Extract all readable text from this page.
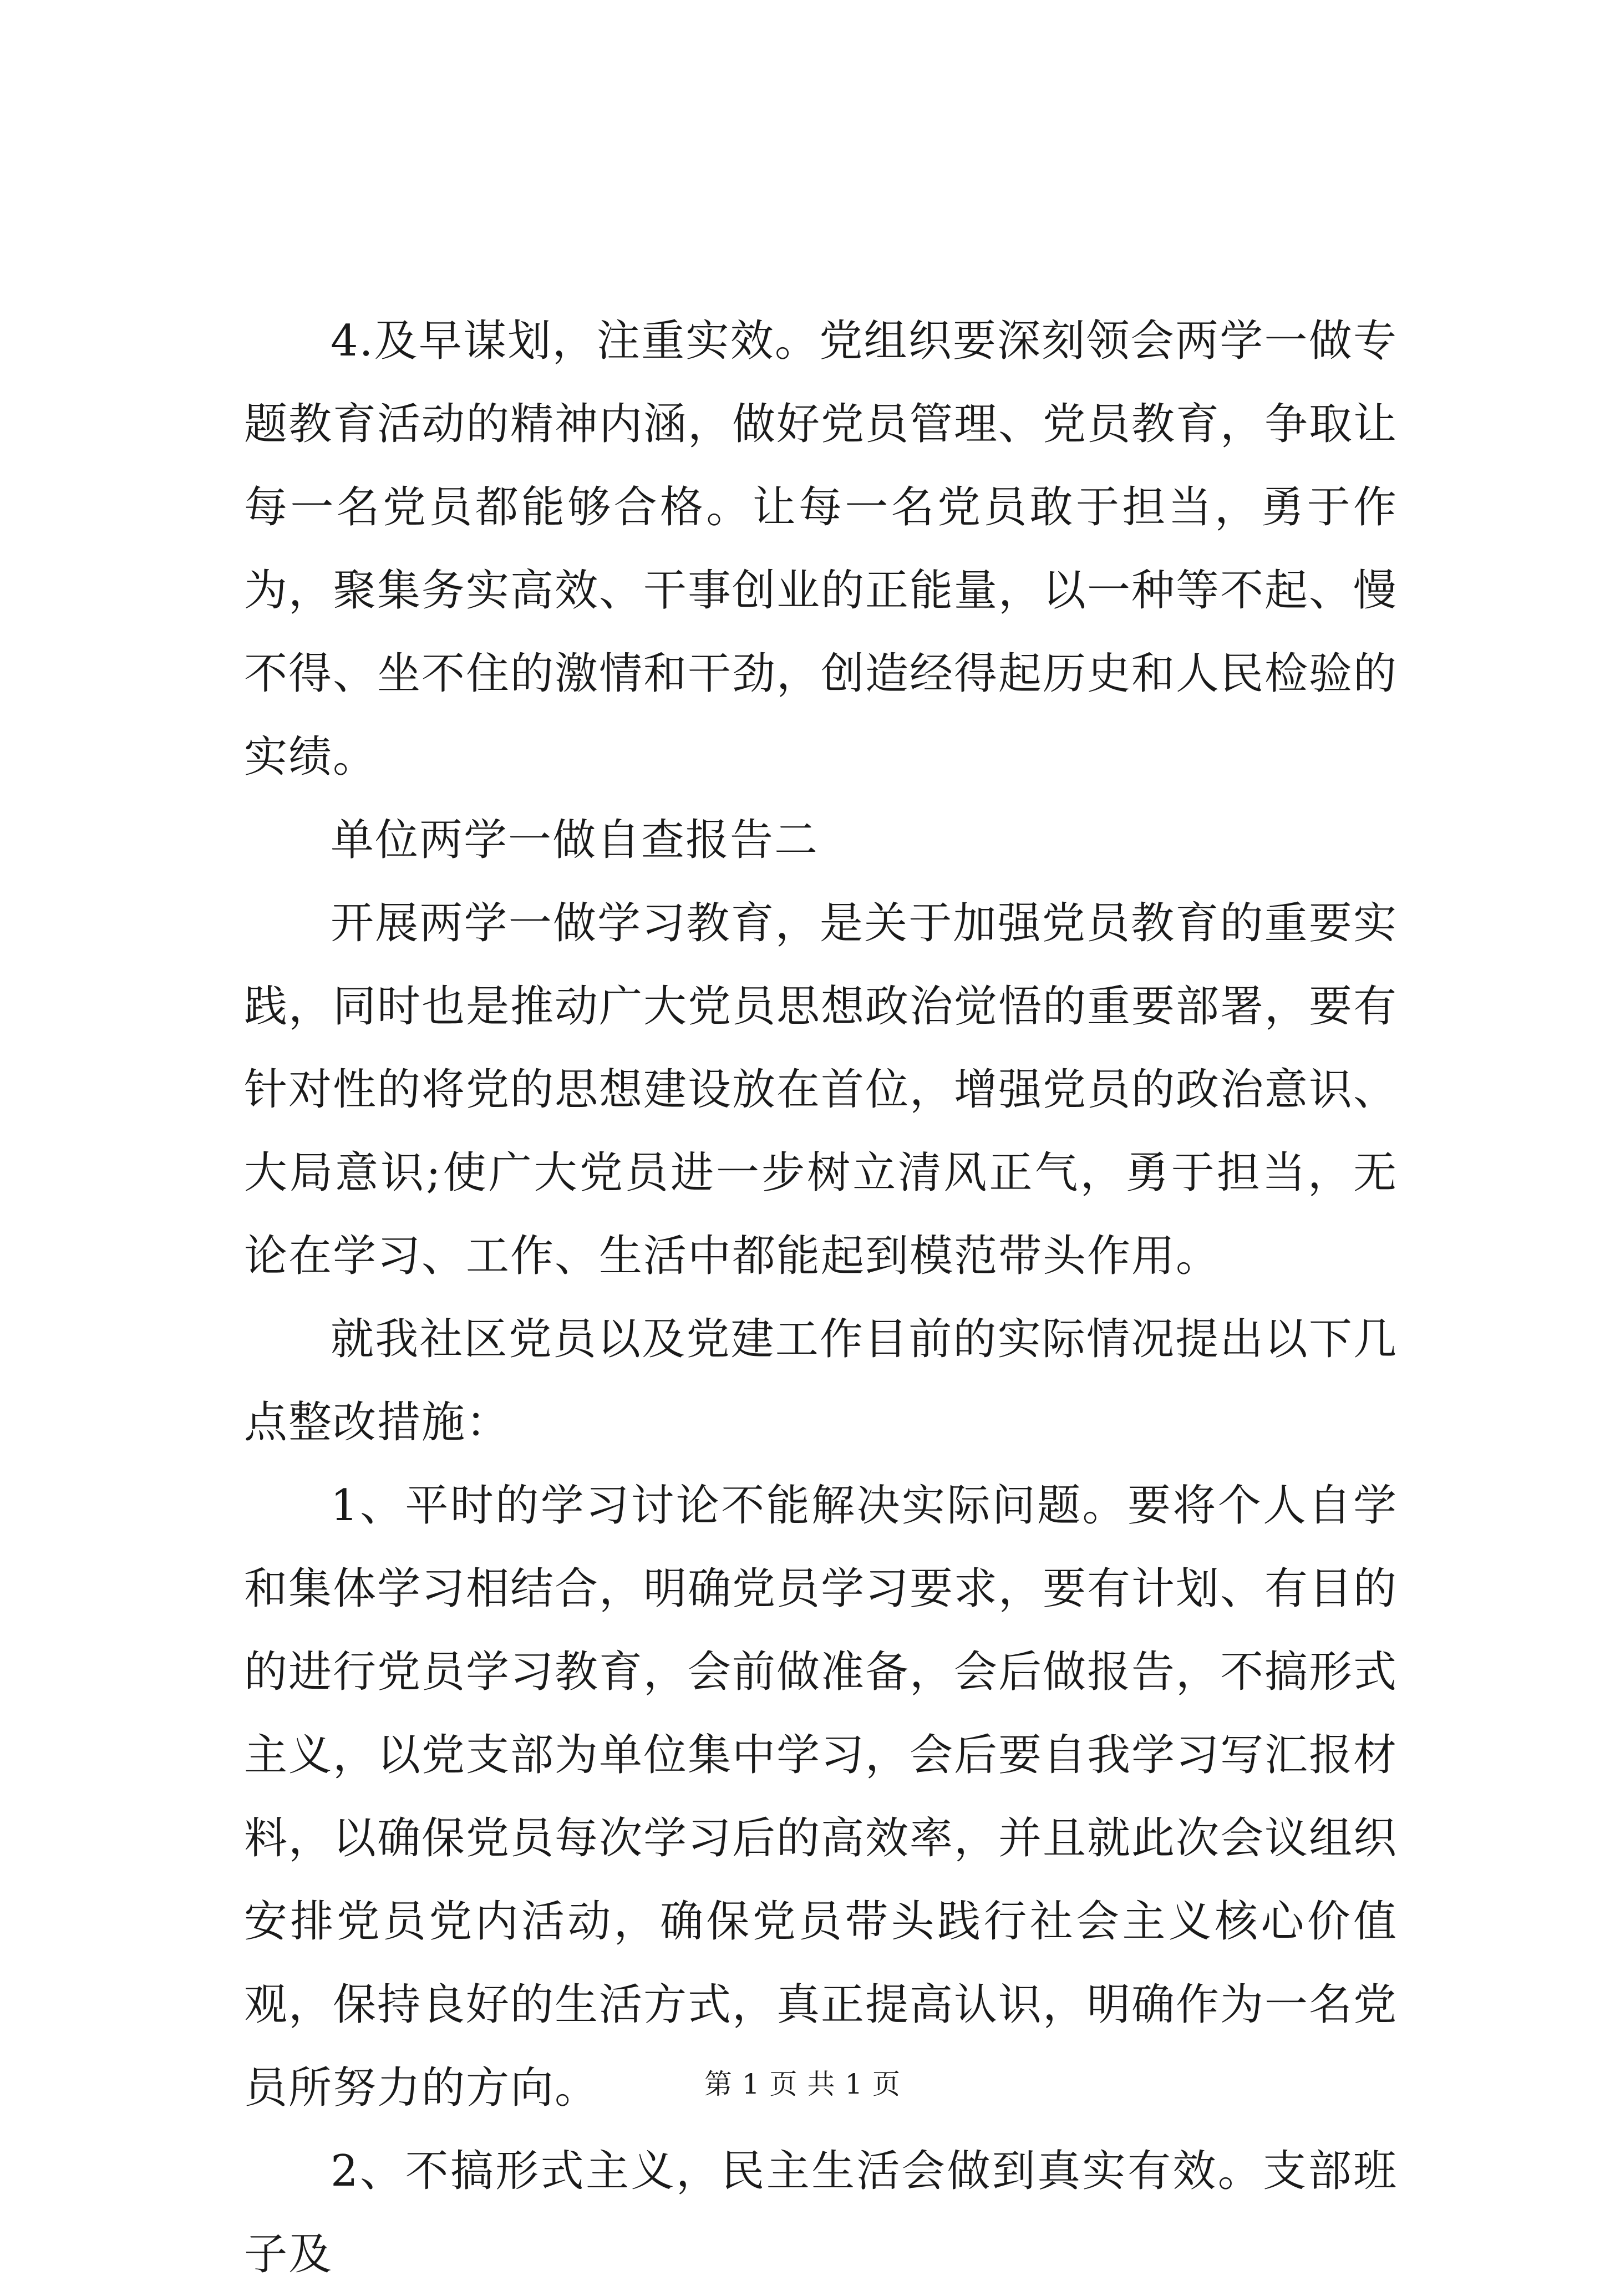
4.及早谋划，注重实效。党组织要深刻领会两学一做专题教育活动的精神内涵，做好党员管理、党员教育，争取让每一名党员都能够合格。让每一名党员敢于担当，勇于作为，聚集务实高效、干事创业的正能量，以一种等不起、慢不得、坐不住的激情和干劲，创造经得起历史和人民检验的实绩。

单位两学一做自查报告二

开展两学一做学习教育，是关于加强党员教育的重要实践，同时也是推动广大党员思想政治觉悟的重要部署，要有针对性的将党的思想建设放在首位，增强党员的政治意识、大局意识;使广大党员进一步树立清风正气，勇于担当，无论在学习、工作、生活中都能起到模范带头作用。

就我社区党员以及党建工作目前的实际情况提出以下几点整改措施：

1、平时的学习讨论不能解决实际问题。要将个人自学和集体学习相结合，明确党员学习要求，要有计划、有目的的进行党员学习教育，会前做准备，会后做报告，不搞形式主义，以党支部为单位集中学习，会后要自我学习写汇报材料，以确保党员每次学习后的高效率，并且就此次会议组织安排党员党内活动，确保党员带头践行社会主义核心价值观，保持良好的生活方式，真正提高认识，明确作为一名党员所努力的方向。

2、不搞形式主义，民主生活会做到真实有效。支部班子及

第 1 页 共 1 页
